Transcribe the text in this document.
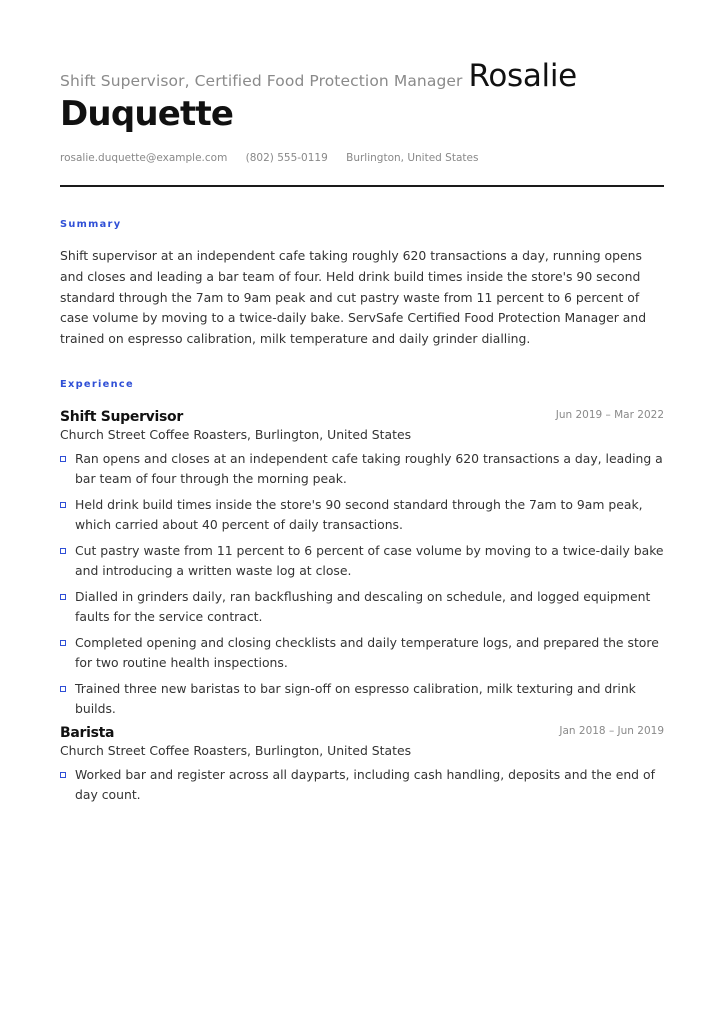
Shift Supervisor, Certified Food Protection Manager Rosalie
Duquette
rosalie.duquette@example.com (802) 555-0119 Burlington, United States
Summary
Shift supervisor at an independent cafe taking roughly 620 transactions a day, running opens and closes and leading a bar team of four. Held drink build times inside the store's 90 second standard through the 7am to 9am peak and cut pastry waste from 11 percent to 6 percent of case volume by moving to a twice-daily bake. ServSafe Certified Food Protection Manager and trained on espresso calibration, milk temperature and daily grinder dialling.
Experience
Shift Supervisor	Jun 2019 – Mar 2022
Church Street Coffee Roasters, Burlington, United States
Ran opens and closes at an independent cafe taking roughly 620 transactions a day, leading a bar team of four through the morning peak.
Held drink build times inside the store's 90 second standard through the 7am to 9am peak, which carried about 40 percent of daily transactions.
Cut pastry waste from 11 percent to 6 percent of case volume by moving to a twice-daily bake and introducing a written waste log at close.
Dialled in grinders daily, ran backflushing and descaling on schedule, and logged equipment faults for the service contract.
Completed opening and closing checklists and daily temperature logs, and prepared the store for two routine health inspections.
Trained three new baristas to bar sign-off on espresso calibration, milk texturing and drink builds.
Barista	Jan 2018 – Jun 2019
Church Street Coffee Roasters, Burlington, United States
Worked bar and register across all dayparts, including cash handling, deposits and the end of day count.
